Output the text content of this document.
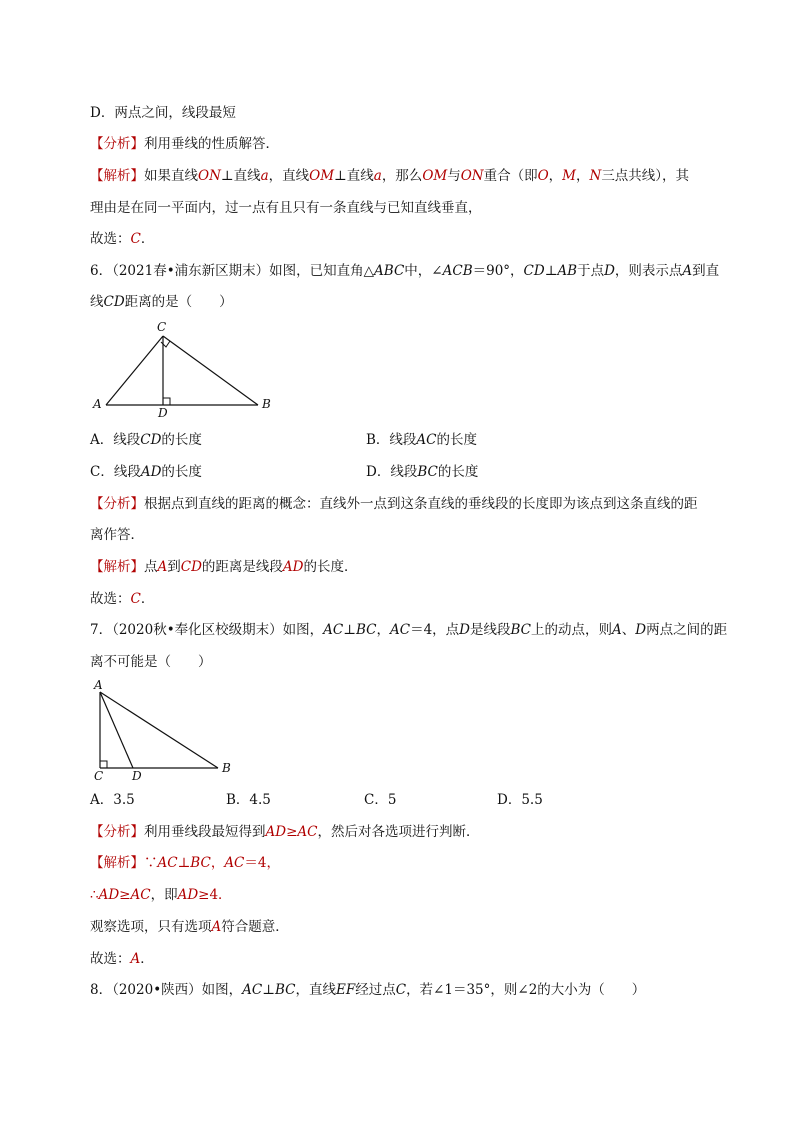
D．两点之间，线段最短
【分析】利用垂线的性质解答．
【解析】如果直线ON⊥直线a，直线OM⊥直线a，那么OM与ON重合（即O，M，N三点共线），其
理由是在同一平面内，过一点有且只有一条直线与已知直线垂直，
故选：C．
6．（2021春•浦东新区期末）如图，已知直角△ABC中，∠ACB＝90°，CD⊥AB于点D，则表示点A到直
线CD距离的是（　　）
A	B
C
D
A．线段CD的长度	B．线段AC的长度
C．线段AD的长度	D．线段BC的长度
【分析】根据点到直线的距离的概念：直线外一点到这条直线的垂线段的长度即为该点到这条直线的距
离作答．
【解析】点A到CD的距离是线段AD的长度．
故选：C．
7．（2020秋•奉化区校级期末）如图，AC⊥BC，AC＝4，点D是线段BC上的动点，则A、D两点之间的距
离不可能是（　　）
A
C D
B
A．3.5	B．4.5	C．5	D．5.5
【分析】利用垂线段最短得到AD≥AC，然后对各选项进行判断．
【解析】∵AC⊥BC，AC＝4，
∴AD≥AC，即AD≥4．
观察选项，只有选项A符合题意．
故选：A．
8．（2020•陕西）如图，AC⊥BC，直线EF经过点C，若∠1＝35°，则∠2的大小为（　　）
